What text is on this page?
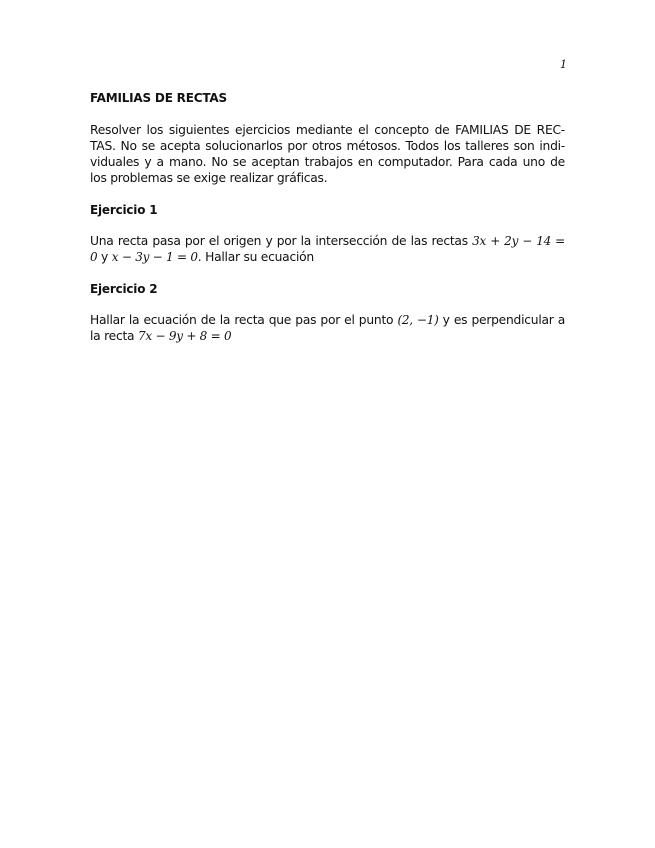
1
FAMILIAS DE RECTAS

Resolver los siguientes ejercicios mediante el concepto de FAMILIAS DE REC-TAS. No se acepta solucionarlos por otros métosos. Todos los talleres son indi-viduales y a mano. No se aceptan trabajos en computador. Para cada uno de los problemas se exige realizar gráficas.

Ejercicio 1

Una recta pasa por el origen y por la intersección de las rectas 3x + 2y − 14 = 0 y x − 3y − 1 = 0. Hallar su ecuación

Ejercicio 2

Hallar la ecuación de la recta que pas por el punto (2, −1) y es perpendicular a la recta 7x − 9y + 8 = 0
